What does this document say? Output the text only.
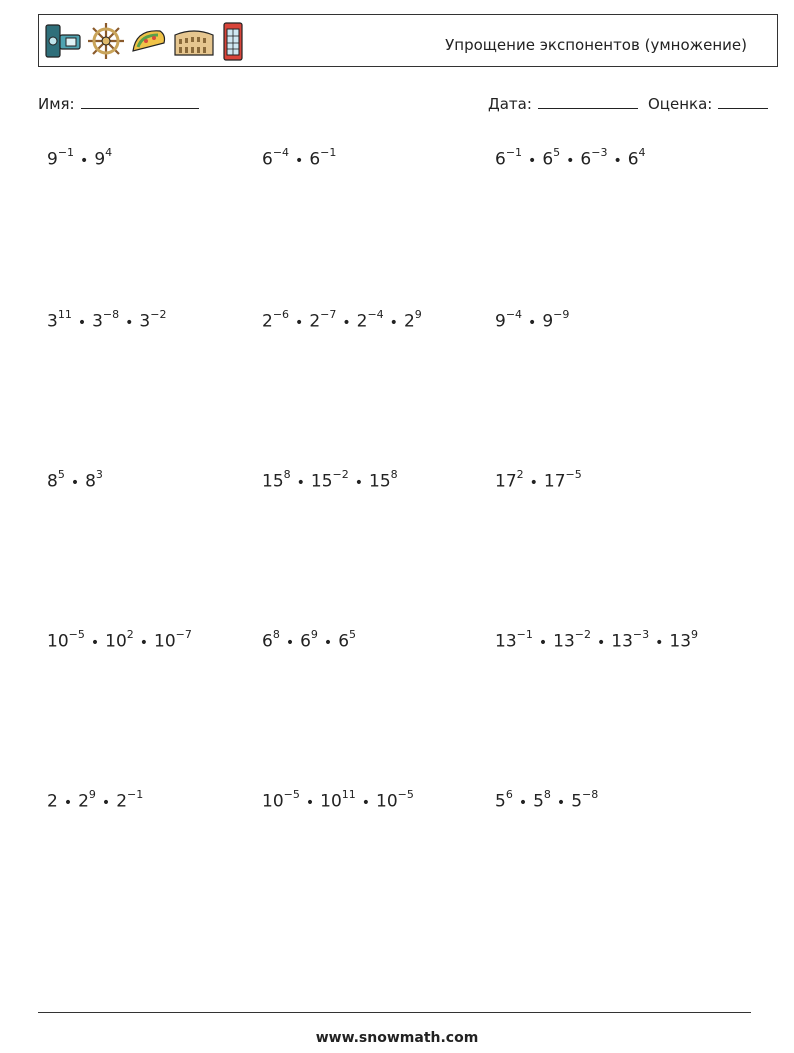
Упрощение экспонентов (умножение)
Имя:	Дата:	Оценка:
$9^{-1}•$ $9^4$	$6^{-4}•$ $6^{-1}$	$6^{-1}•$ $6^5•$ $6^{-3}•$ $6^4$
$3^{11}•$ $3^{-8}•$ $3^{-2}$	$2^{-6}•$ $2^{-7}•$ $2^{-4}•$ $2^9$	$9^{-4}•$ $9^{-9}$
$8^5•$ $8^3$	$15^8•$ $15^{-2}•$ $15^8$	$17^2•$ $17^{-5}$
$10^{-5}•$ $10^2•$ $10^{-7}$	$6^8•$ $6^9•$ $6^5$	$13^{-1}•$ $13^{-2}•$ $13^{-3}•$ $13^9$
2 • $2^9•$ $2^{-1}$	$10^{-5}•$ $10^{11}•$ $10^{-5}$	$5^6•$ $5^8•$ $5^{-8}$
www.snowmath.com
